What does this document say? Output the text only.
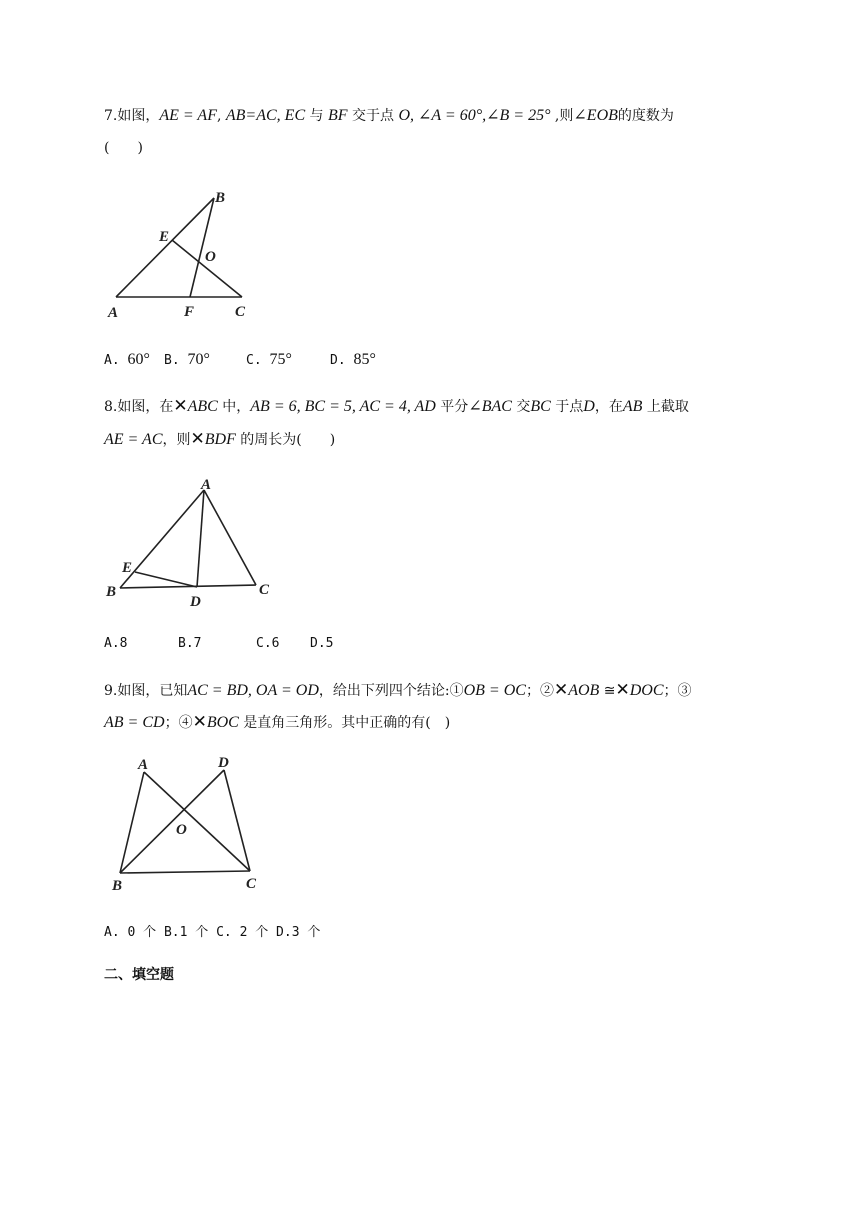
7.如图，AE = AF, AB=AC, EC 与 BF 交于点 O, ∠A = 60°,∠B = 25° ,则∠EOB的度数为
(　　)
A
B
C
E
F
O
A. 60° B. 70°	C. 75°	D. 85°
8.如图，在✕ABC 中，AB = 6, BC = 5, AC = 4, AD 平分∠BAC 交BC 于点D，在AB 上截取
AE = AC，则✕BDF 的周长为(　　)
A
B	C
D
E
A.8	B.7	C.6 D.5
9.如图，已知AC = BD, OA = OD，给出下列四个结论:①OB = OC；②✕AOB ≅✕DOC；③
AB = CD；④✕BOC 是直角三角形。其中正确的有(　)
A
B	C
D
O
A. 0 个 B.1 个 C. 2 个 D.3 个
二、填空题
